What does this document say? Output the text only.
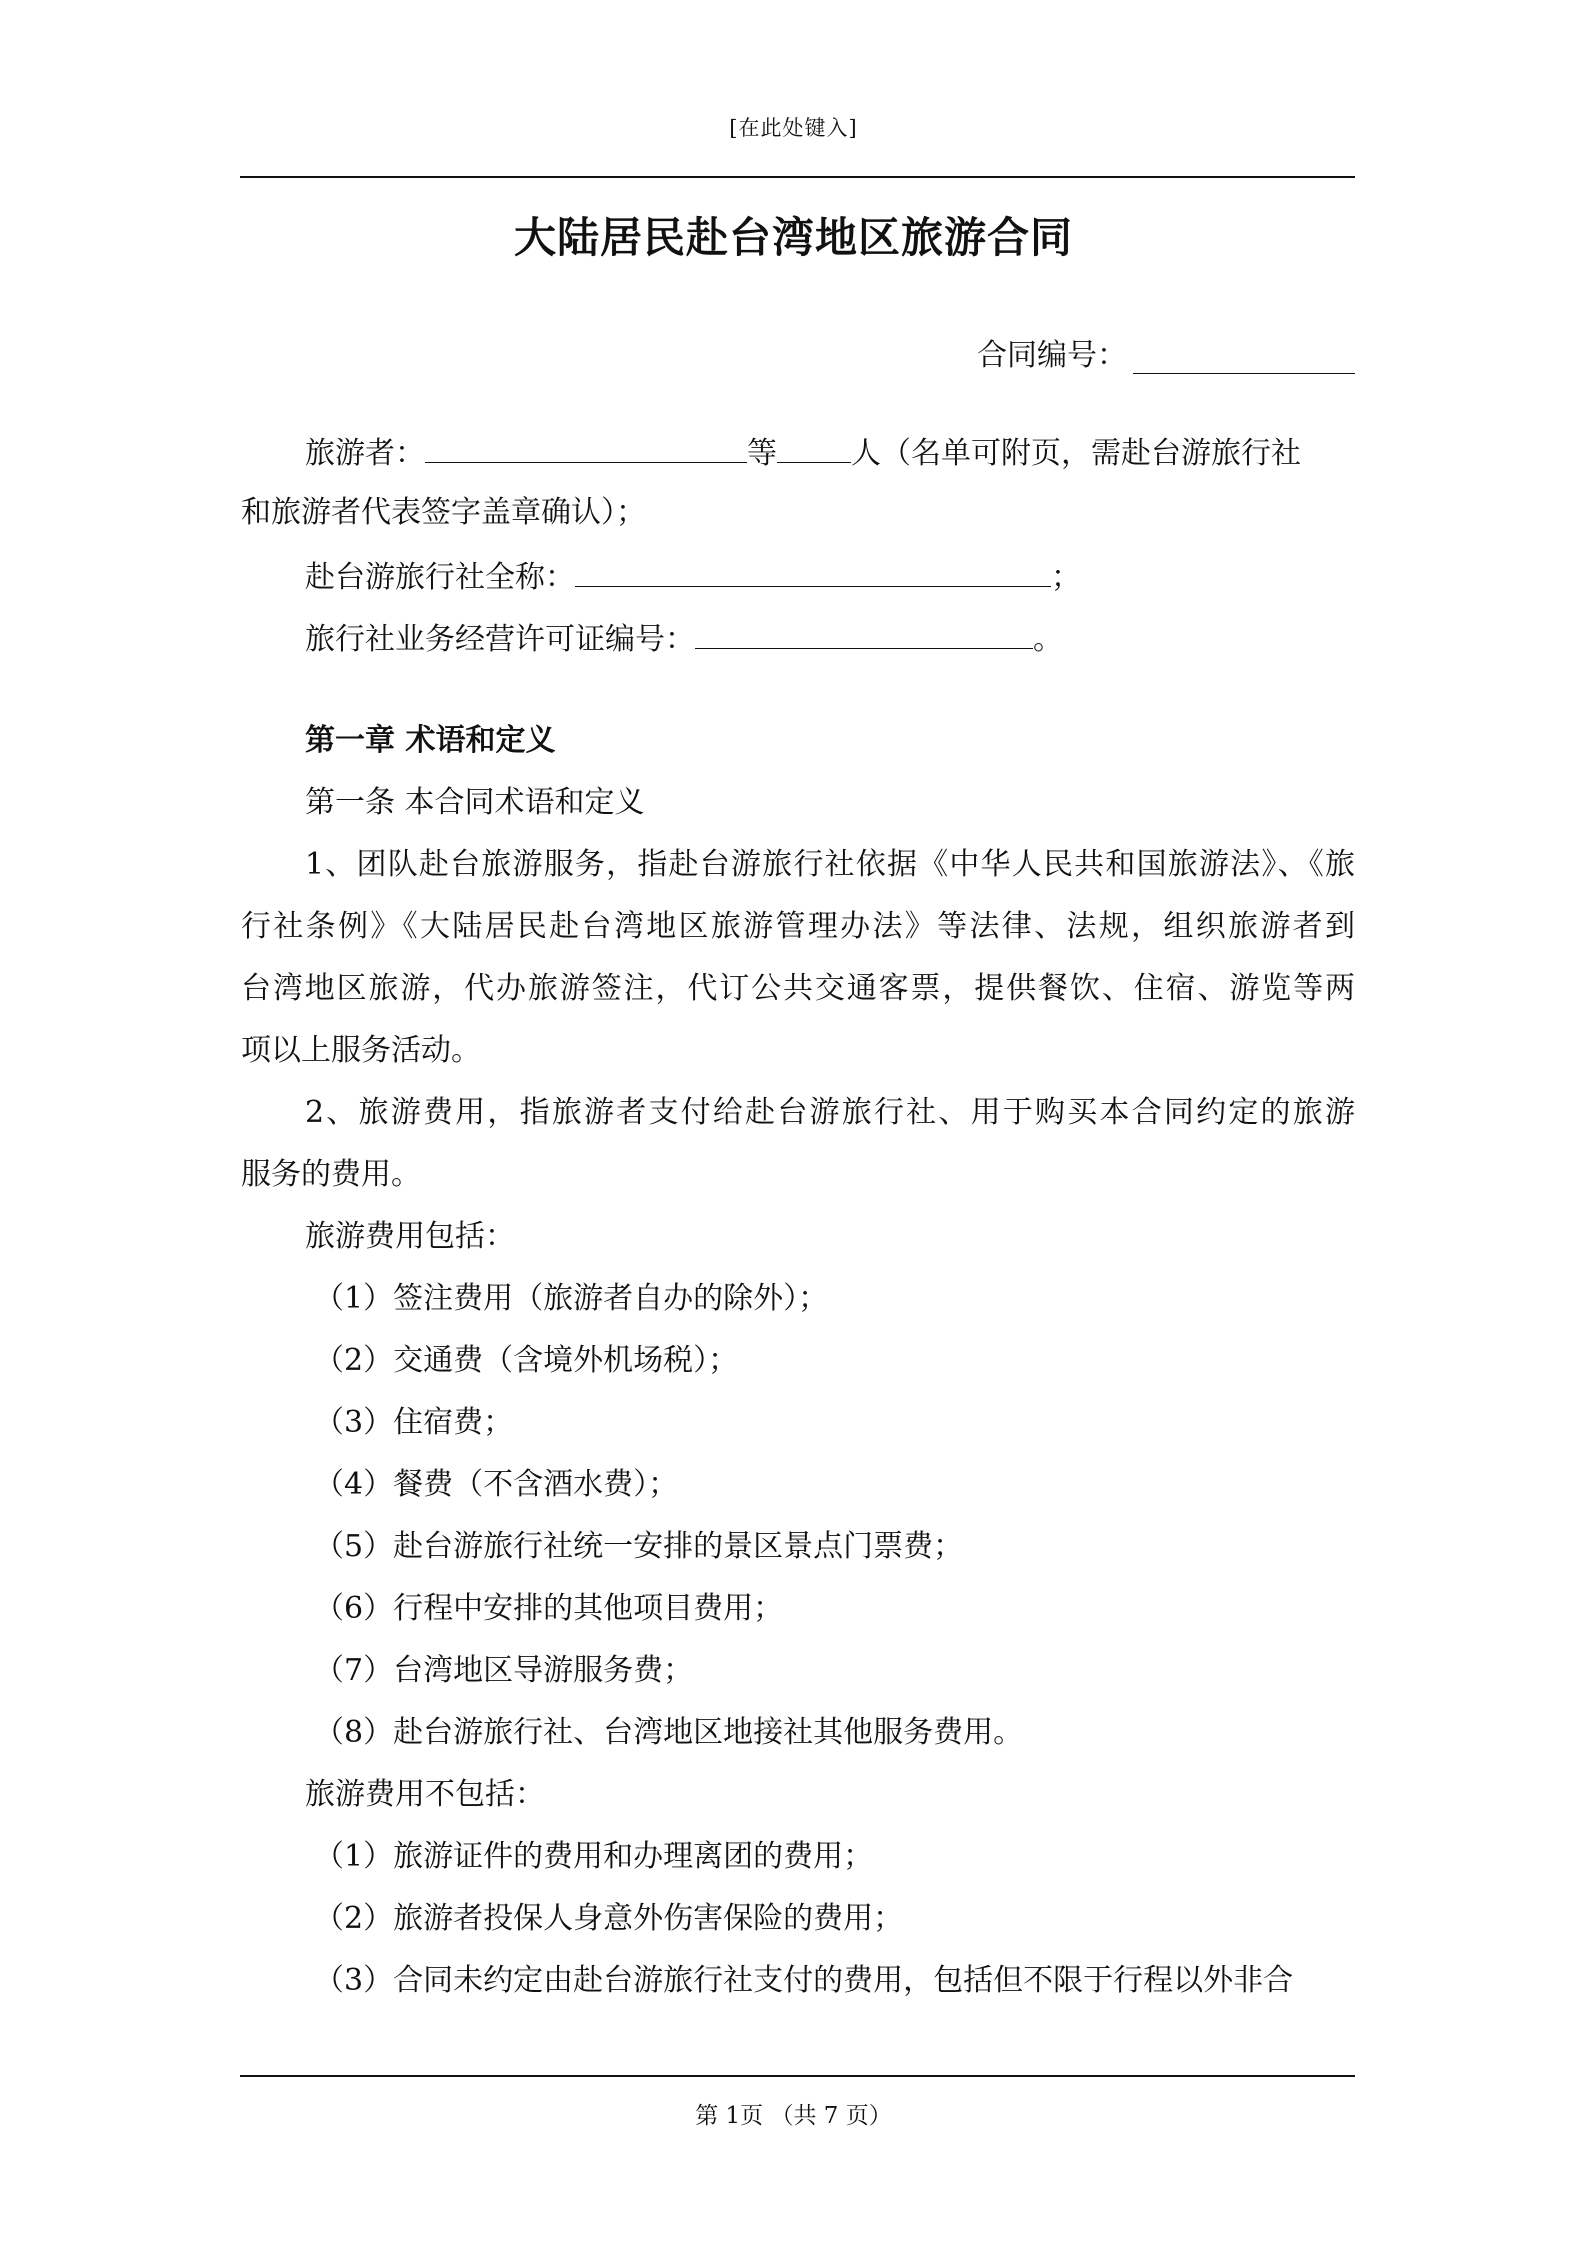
[在此处键入]
大陆居民赴台湾地区旅游合同
合同编号：
旅游者：	等 人（名单可附页，需赴台游旅行社
和旅游者代表签字盖章确认）；
赴台游旅行社全称：	；
旅行社业务经营许可证编号：	。
第一章 术语和定义
第一条 本合同术语和定义
1、团队赴台旅游服务，指赴台游旅行社依据《中华人民共和国旅游法》、《旅
行社条例》《大陆居民赴台湾地区旅游管理办法》等法律、法规，组织旅游者到
台湾地区旅游，代办旅游签注，代订公共交通客票，提供餐饮、住宿、游览等两
项以上服务活动。
2、旅游费用，指旅游者支付给赴台游旅行社、用于购买本合同约定的旅游
服务的费用。
旅游费用包括：
（1）签注费用（旅游者自办的除外）；
（2）交通费（含境外机场税）；
（3）住宿费；
（4）餐费（不含酒水费）；
（5）赴台游旅行社统一安排的景区景点门票费；
（6）行程中安排的其他项目费用；
（7）台湾地区导游服务费；
（8）赴台游旅行社、台湾地区地接社其他服务费用。
旅游费用不包括：
（1）旅游证件的费用和办理离团的费用；
（2）旅游者投保人身意外伤害保险的费用；
（3）合同未约定由赴台游旅行社支付的费用，包括但不限于行程以外非合
第 1页 （共 7 页）
